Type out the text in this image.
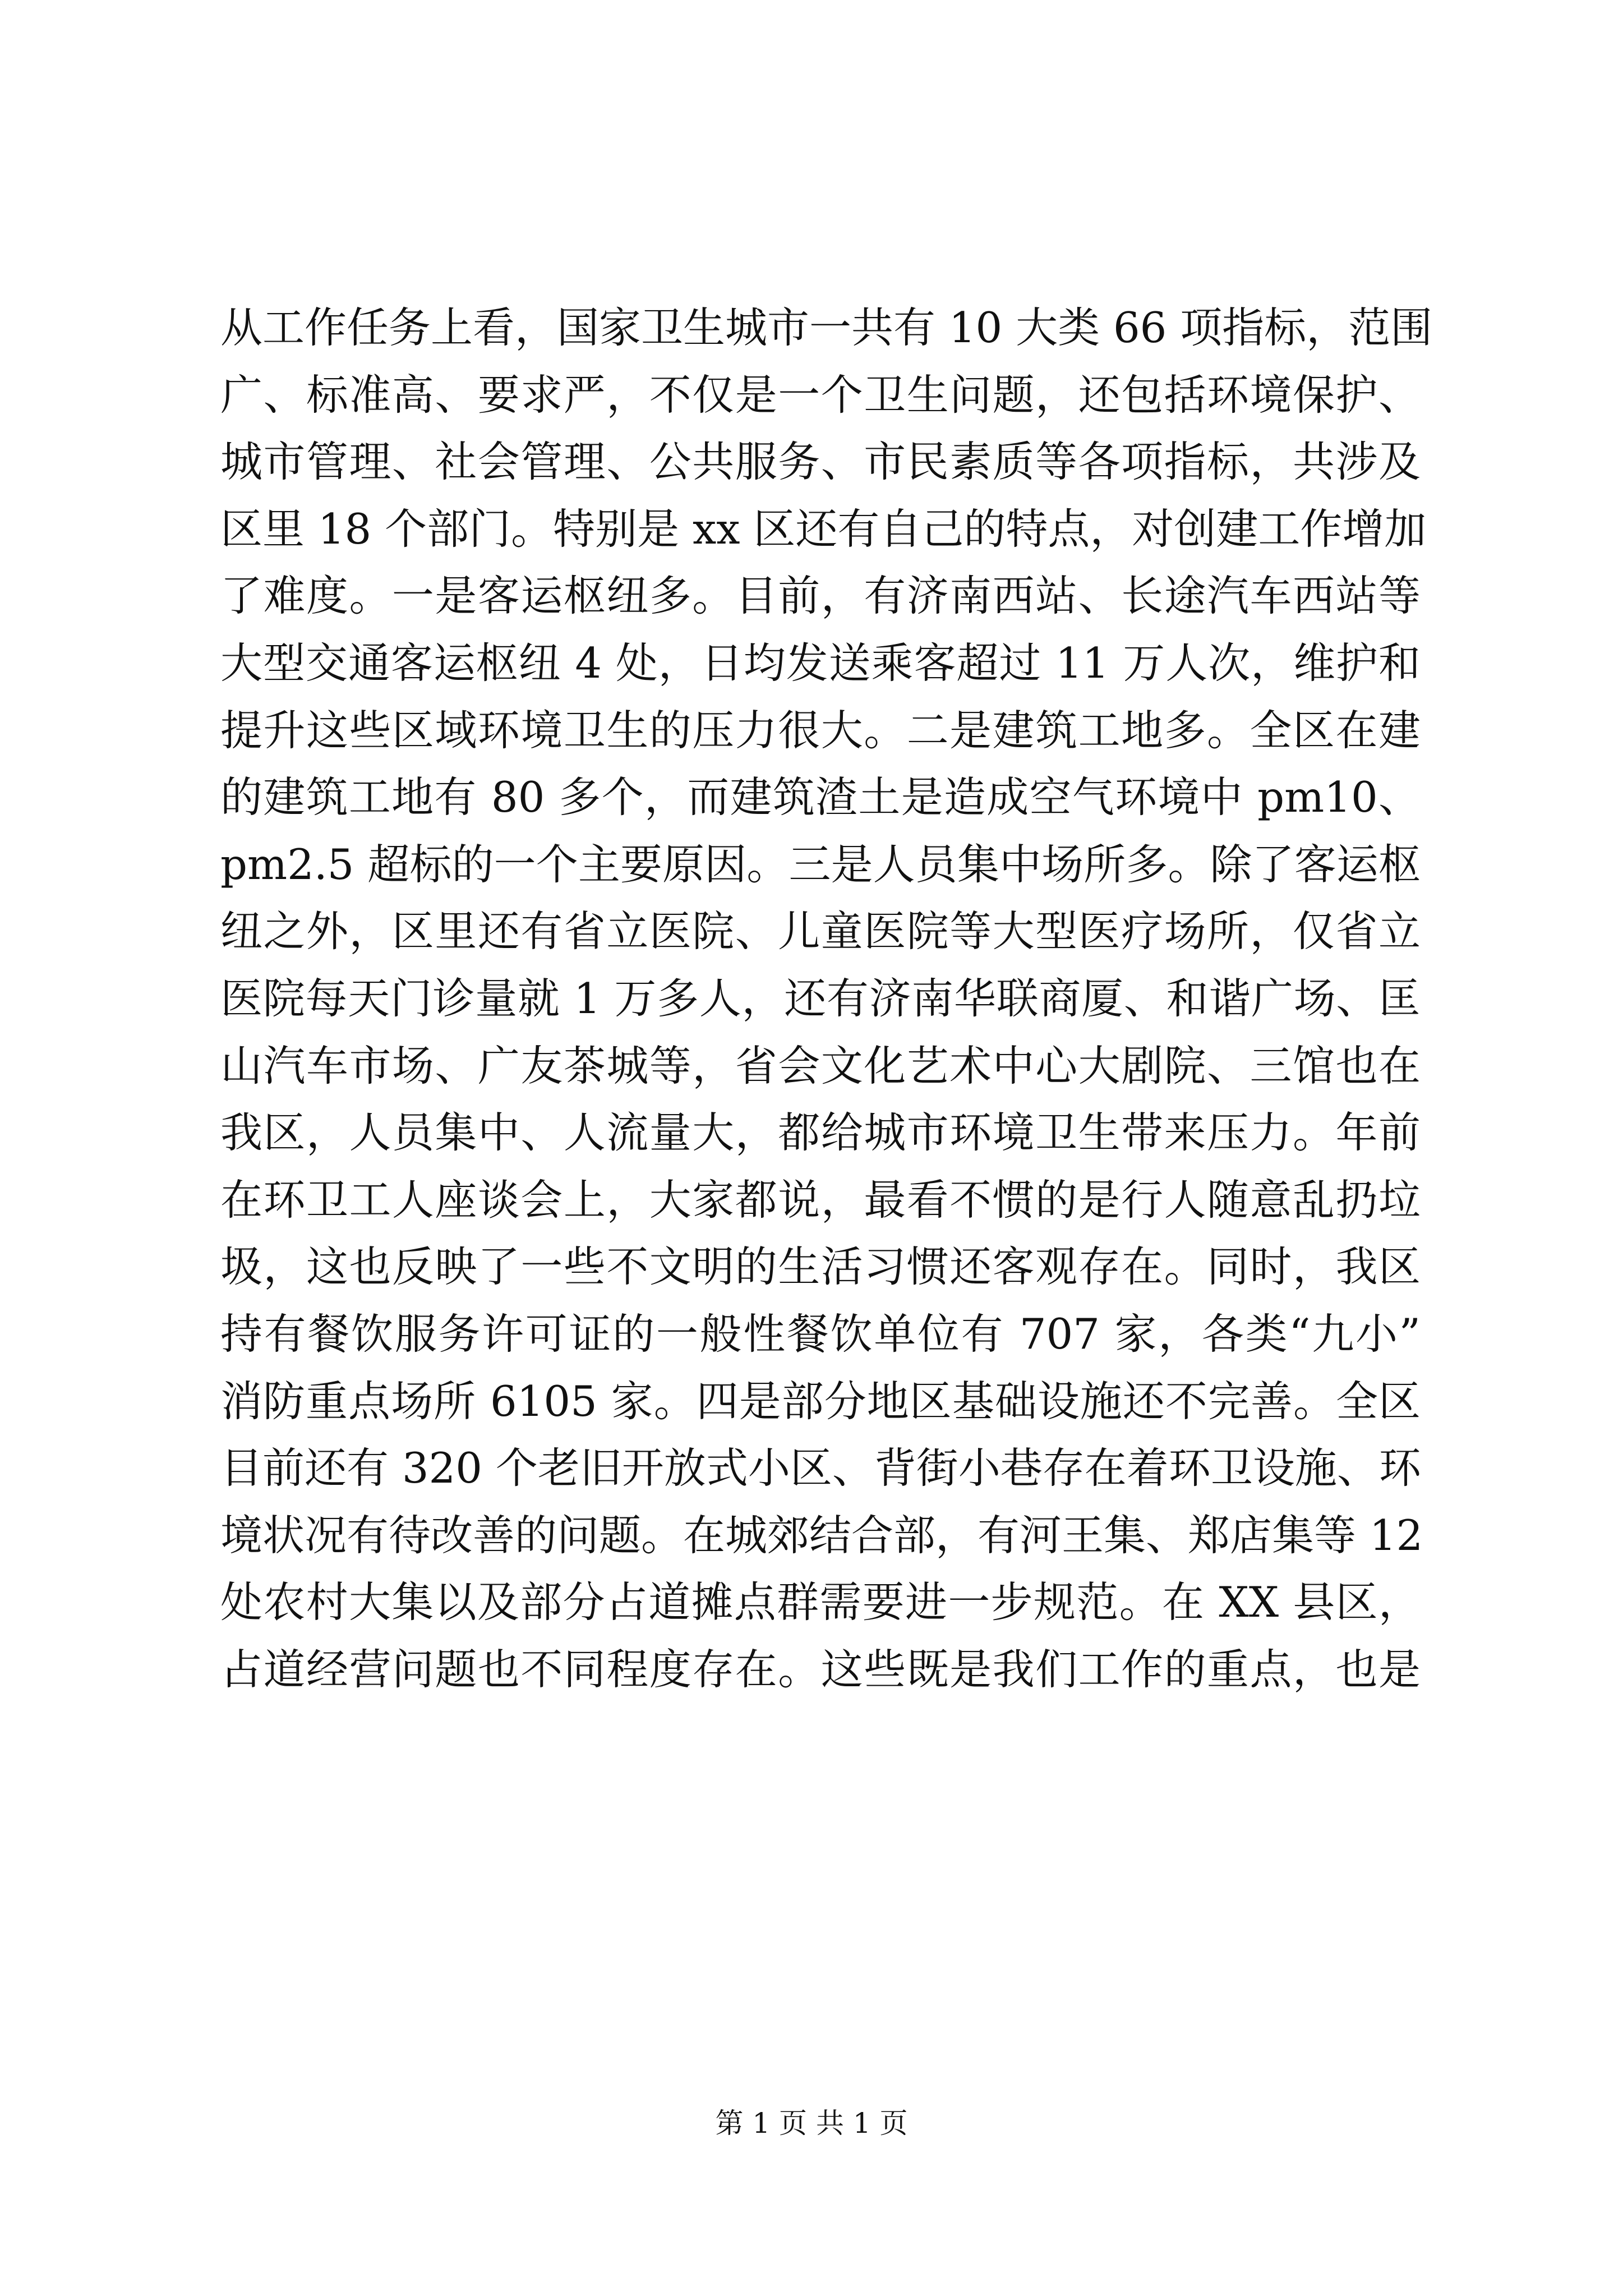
从工作任务上看，国家卫生城市一共有 10 大类 66 项指标，范围
广、标准高、要求严，不仅是一个卫生问题，还包括环境保护、
城市管理、社会管理、公共服务、市民素质等各项指标，共涉及
区里 18 个部门。特别是 xx 区还有自己的特点，对创建工作增加
了难度。一是客运枢纽多。目前，有济南西站、长途汽车西站等
大型交通客运枢纽 4 处，日均发送乘客超过 11 万人次，维护和
提升这些区域环境卫生的压力很大。二是建筑工地多。全区在建
的建筑工地有 80 多个，而建筑渣土是造成空气环境中 pm10、
pm2.5 超标的一个主要原因。三是人员集中场所多。除了客运枢
纽之外，区里还有省立医院、儿童医院等大型医疗场所，仅省立
医院每天门诊量就 1 万多人，还有济南华联商厦、和谐广场、匡
山汽车市场、广友茶城等，省会文化艺术中心大剧院、三馆也在
我区，人员集中、人流量大，都给城市环境卫生带来压力。年前
在环卫工人座谈会上，大家都说，最看不惯的是行人随意乱扔垃
圾，这也反映了一些不文明的生活习惯还客观存在。同时，我区
持有餐饮服务许可证的一般性餐饮单位有 707 家，各类“九小”
消防重点场所 6105 家。四是部分地区基础设施还不完善。全区
目前还有 320 个老旧开放式小区、背街小巷存在着环卫设施、环
境状况有待改善的问题。在城郊结合部，有河王集、郑店集等 12
处农村大集以及部分占道摊点群需要进一步规范。在 XX 县区，
占道经营问题也不同程度存在。这些既是我们工作的重点，也是
第 1 页 共 1 页
